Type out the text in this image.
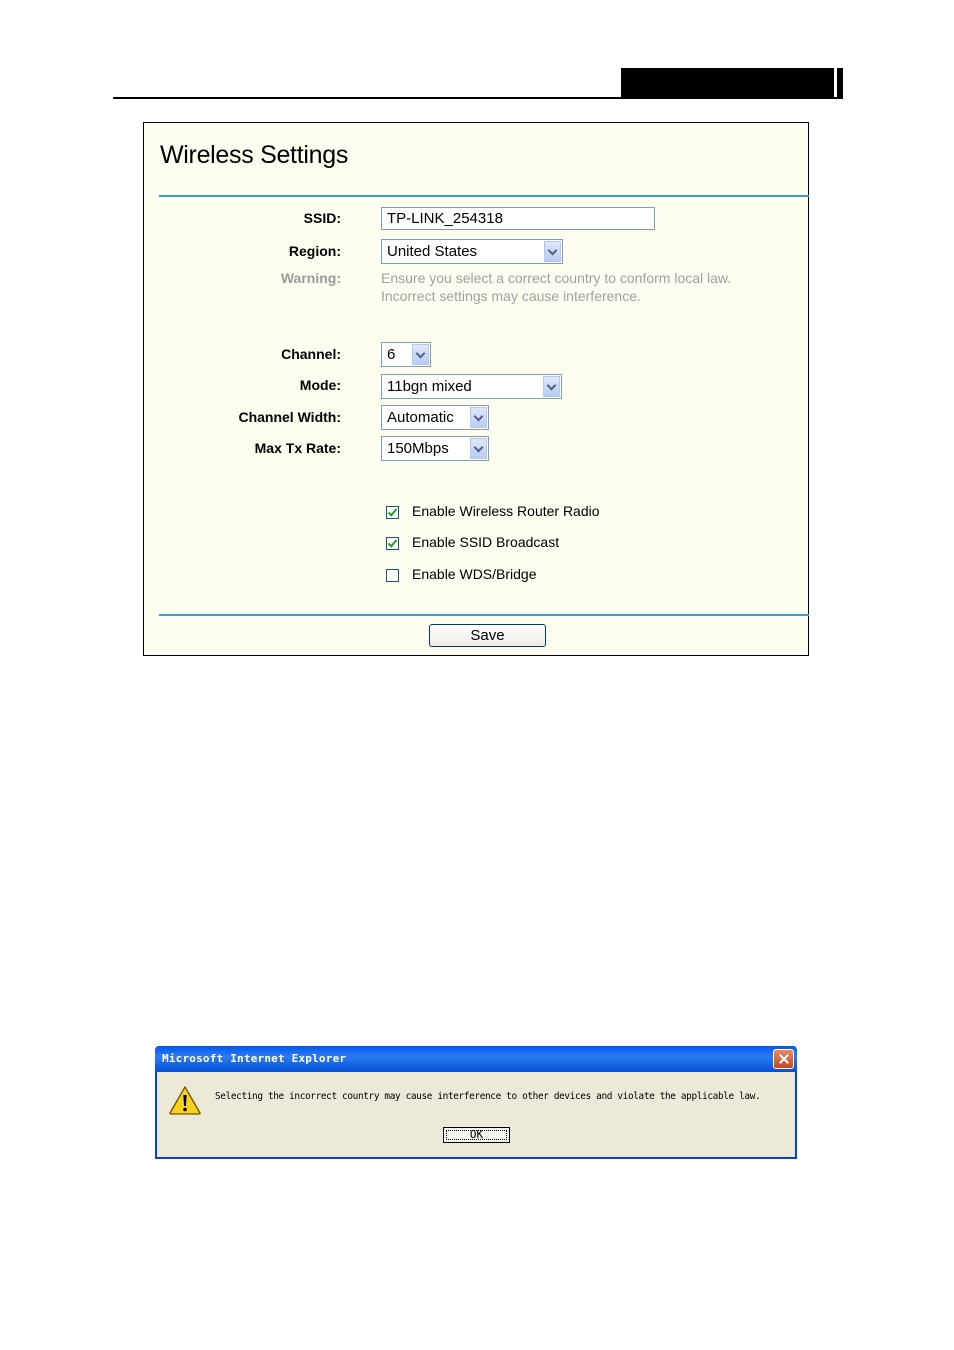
Wireless Settings
SSID:
TP-LINK_254318
Region:	United States
Warning:	Ensure you select a correct country to conform local law.
Incorrect settings may cause interference.
Channel:	6
Mode:	11bgn mixed
Channel Width:	Automatic
Max Tx Rate:	150Mbps
Enable Wireless Router Radio
Enable SSID Broadcast
Enable WDS/Bridge
Save
Microsoft Internet Explorer
Selecting the incorrect country may cause interference to other devices and violate the applicable law.
OK
